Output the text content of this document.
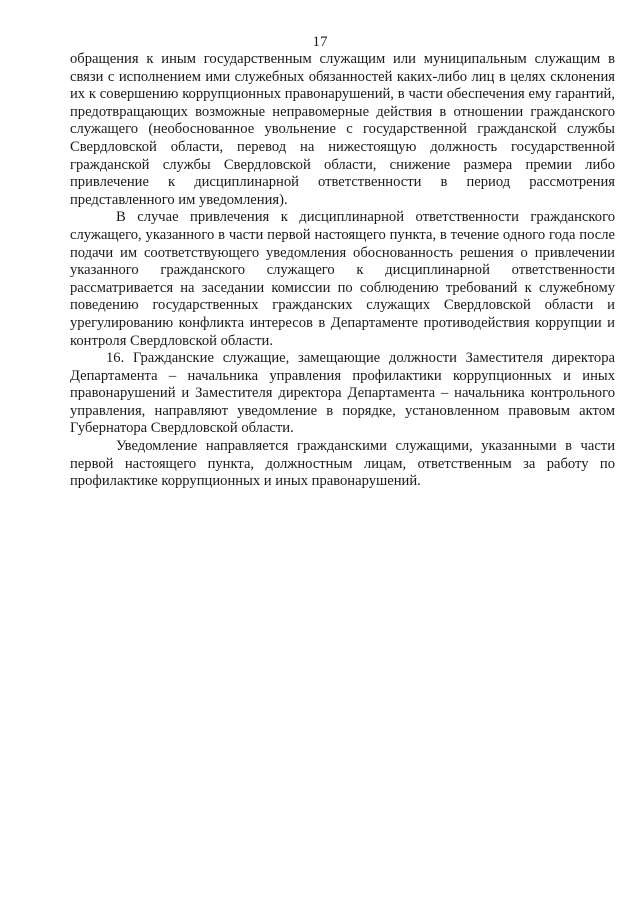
17

обращения к иным государственным служащим или муниципальным служащим в связи с исполнением ими служебных обязанностей каких-либо лиц в целях склонения их к совершению коррупционных правонарушений, в части обеспечения ему гарантий, предотвращающих возможные неправомерные действия в отношении гражданского служащего (необоснованное увольнение с государственной гражданской службы Свердловской области, перевод на нижестоящую должность государственной гражданской службы Свердловской области, снижение размера премии либо привлечение к дисциплинарной ответственности в период рассмотрения представленного им уведомления).

В случае привлечения к дисциплинарной ответственности гражданского служащего, указанного в части первой настоящего пункта, в течение одного года после подачи им соответствующего уведомления обоснованность решения о привлечении указанного гражданского служащего к дисциплинарной ответственности рассматривается на заседании комиссии по соблюдению требований к служебному поведению государственных гражданских служащих Свердловской области и урегулированию конфликта интересов в Департаменте противодействия коррупции и контроля Свердловской области.

16. Гражданские служащие, замещающие должности Заместителя директора Департамента – начальника управления профилактики коррупционных и иных правонарушений и Заместителя директора Департамента – начальника контрольного управления, направляют уведомление в порядке, установленном правовым актом Губернатора Свердловской области.

Уведомление направляется гражданскими служащими, указанными в части первой настоящего пункта, должностным лицам, ответственным за работу по профилактике коррупционных и иных правонарушений.
